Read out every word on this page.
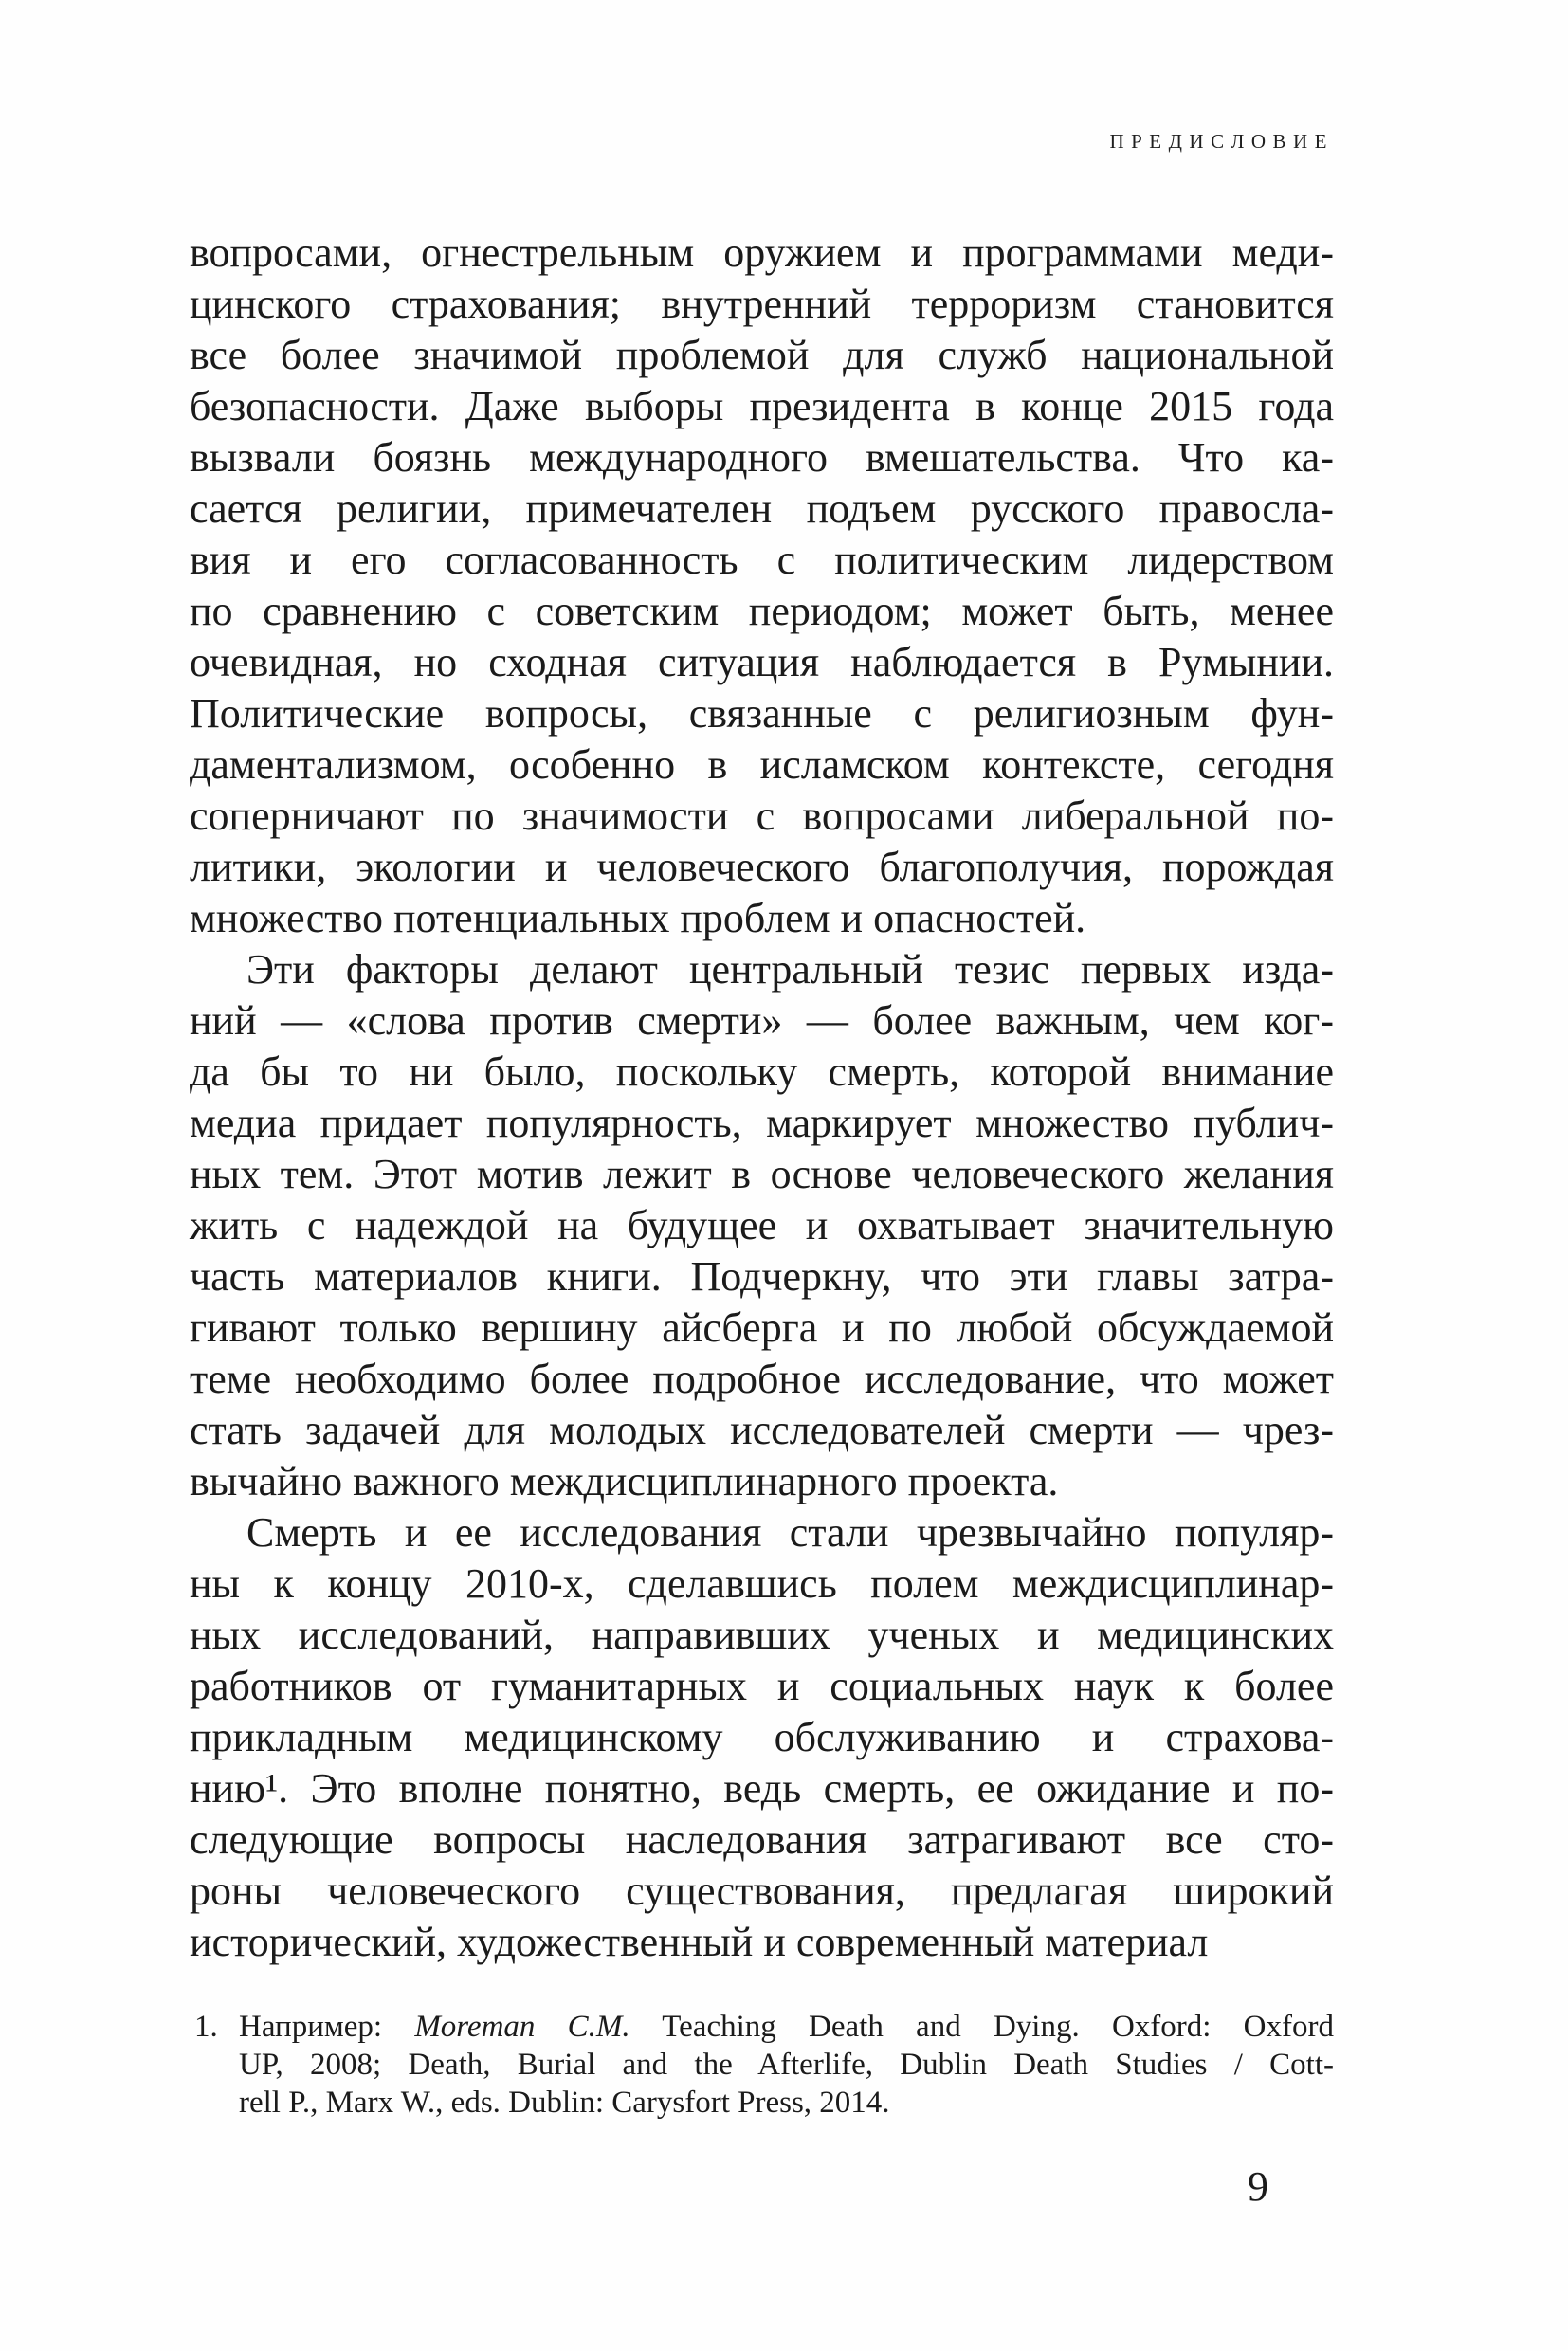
ПРЕДИСЛОВИЕ
вопросами, огнестрельным оружием и программами меди-
цинского страхования; внутренний терроризм становится
все более значимой проблемой для служб национальной
безопасности. Даже выборы президента в конце 2015 года
вызвали боязнь международного вмешательства. Что ка-
сается религии, примечателен подъем русского правосла-
вия и его согласованность с политическим лидерством
по сравнению с советским периодом; может быть, менее
очевидная, но сходная ситуация наблюдается в Румынии.
Политические вопросы, связанные с религиозным фун-
даментализмом, особенно в исламском контексте, сегодня
соперничают по значимости с вопросами либеральной по-
литики, экологии и человеческого благополучия, порождая
множество потенциальных проблем и опасностей.
Эти факторы делают центральный тезис первых изда-
ний — «слова против смерти» — более важным, чем ког-
да бы то ни было, поскольку смерть, которой внимание
медиа придает популярность, маркирует множество публич-
ных тем. Этот мотив лежит в основе человеческого желания
жить с надеждой на будущее и охватывает значительную
часть материалов книги. Подчеркну, что эти главы затра-
гивают только вершину айсберга и по любой обсуждаемой
теме необходимо более подробное исследование, что может
стать задачей для молодых исследователей смерти — чрез-
вычайно важного междисциплинарного проекта.
Смерть и ее исследования стали чрезвычайно популяр-
ны к концу 2010-х, сделавшись полем междисциплинар-
ных исследований, направивших ученых и медицинских
работников от гуманитарных и социальных наук к более
прикладным медицинскому обслуживанию и страхова-
нию¹. Это вполне понятно, ведь смерть, ее ожидание и по-
следующие вопросы наследования затрагивают все сто-
роны человеческого существования, предлагая широкий
исторический, художественный и современный материал
1. Например: Moreman C.M. Teaching Death and Dying. Oxford: Oxford
UP, 2008; Death, Burial and the Afterlife, Dublin Death Studies / Cott-
rell P., Marx W., eds. Dublin: Carysfort Press, 2014.
9
